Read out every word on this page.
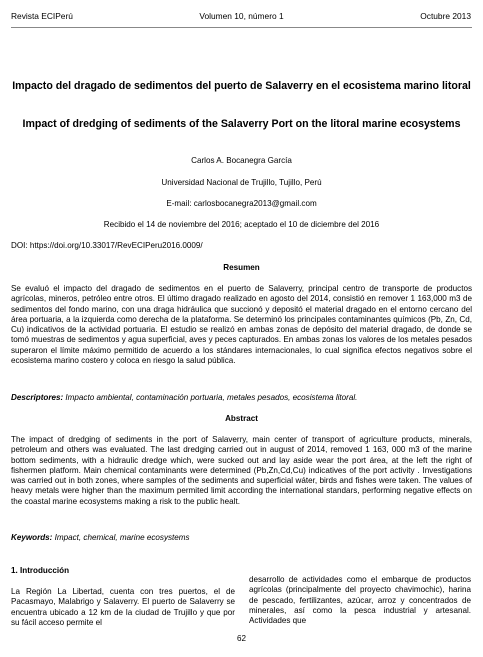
Revista ECIPerú	Volumen 10, número 1	Octubre 2013
Impacto del dragado de sedimentos del puerto de Salaverry en el ecosistema marino litoral
Impact of dredging of sediments of the Salaverry Port on the litoral marine ecosystems
Carlos A. Bocanegra García
Universidad Nacional de Trujillo, Tujillo, Perú
E-mail: carlosbocanegra2013@gmail.com
Recibido el 14 de noviembre del 2016; aceptado el 10 de diciembre del 2016
DOI: https://doi.org/10.33017/RevECIPeru2016.0009/
Resumen

Se evaluó el impacto del dragado de sedimentos en el puerto de Salaverry, principal centro de transporte de productos agrícolas, mineros, petróleo entre otros. El último dragado realizado en agosto del 2014, consistió en remover 1 163,000 m3 de sedimentos del fondo marino, con una draga hidráulica que succionó y depositó el material dragado en el entorno cercano del área portuaria, a la izquierda como derecha de la plataforma. Se determinó los principales contaminantes químicos (Pb, Zn, Cd, Cu) indicativos de la actividad portuaria. El estudio se realizó en ambas zonas de depósito del material dragado, de donde se tomó muestras de sedimentos y agua superficial, aves y peces capturados. En ambas zonas los valores de los metales pesados superaron el límite máximo permitido de acuerdo a los stándares internacionales, lo cual significa efectos negativos sobre el ecosistema marino costero y coloca en riesgo la salud pública.

Descriptores: Impacto ambiental, contaminación portuaria, metales pesados, ecosistema litoral.
Abstract

The impact of dredging of sediments in the port of Salaverry, main center of transport of agriculture products, minerals, petroleum and others was evaluated. The last dredging carried out in august of 2014, removed 1 163, 000 m3 of the marine bottom sediments, with a hidraulic dredge which, were sucked out and lay aside wear the port área, at the left the right of fishermen platform. Main chemical contaminants were determined (Pb,Zn,Cd,Cu) indicatives of the port activity . Investigations was carried out in both zones, where samples of the sediments and superficial wáter, birds and fishes were taken. The values of heavy metals were higher than the maximum permited limit according the international standars, performing negative effects on the coastal marine ecosystems making a risk to the public healt.

Keywords: Impact, chemical, marine ecosystems
1. Introducción

La Región La Libertad, cuenta con tres puertos, el de Pacasmayo, Malabrigo y Salaverry. El puerto de Salaverry se encuentra ubicado a 12 km de la ciudad de Trujillo y que por su fácil acceso permite el

desarrollo de actividades como el embarque de productos agrícolas (principalmente del proyecto chavimochic), harina de pescado, fertilizantes, azúcar, arroz y concentrados de minerales, así como la pesca industrial y artesanal. Actividades que

62
